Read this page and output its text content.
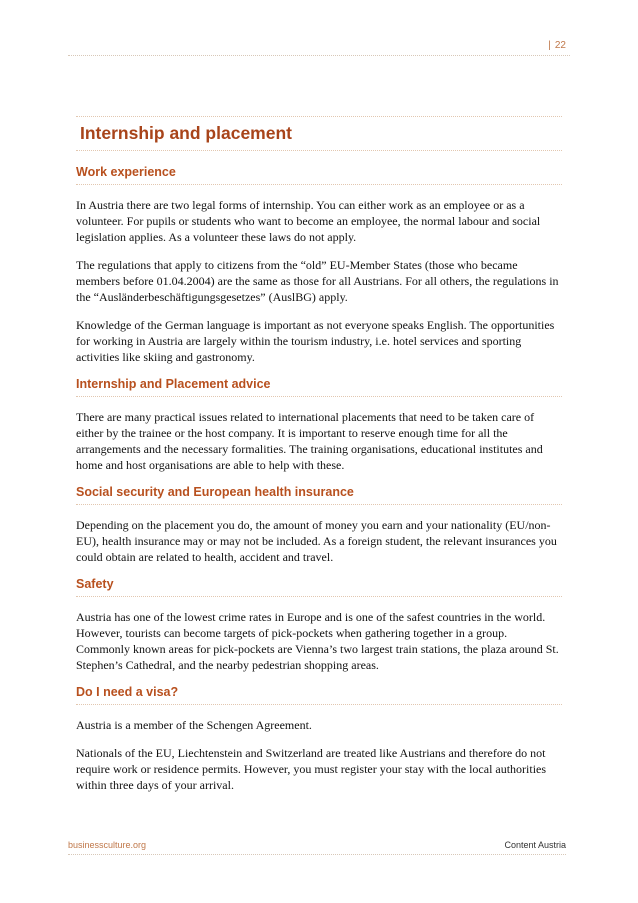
| 22
Internship and placement
Work experience

In Austria there are two legal forms of internship. You can either work as an employee or as a volunteer. For pupils or students who want to become an employee, the normal labour and social legislation applies. As a volunteer these laws do not apply.

The regulations that apply to citizens from the “old” EU-Member States (those who became members before 01.04.2004) are the same as those for all Austrians. For all others, the regulations in the “Ausländerbeschäftigungsgesetzes” (AuslBG) apply.

Knowledge of the German language is important as not everyone speaks English. The opportunities for working in Austria are largely within the tourism industry, i.e. hotel services and sporting activities like skiing and gastronomy.

Internship and Placement advice

There are many practical issues related to international placements that need to be taken care of either by the trainee or the host company. It is important to reserve enough time for all the arrangements and the necessary formalities. The training organisations, educational institutes and home and host organisations are able to help with these.

Social security and European health insurance

Depending on the placement you do, the amount of money you earn and your nationality (EU/non-EU), health insurance may or may not be included. As a foreign student, the relevant insurances you could obtain are related to health, accident and travel.

Safety

Austria has one of the lowest crime rates in Europe and is one of the safest countries in the world. However, tourists can become targets of pick-pockets when gathering together in a group. Commonly known areas for pick-pockets are Vienna’s two largest train stations, the plaza around St. Stephen’s Cathedral, and the nearby pedestrian shopping areas.

Do I need a visa?

Austria is a member of the Schengen Agreement.

Nationals of the EU, Liechtenstein and Switzerland are treated like Austrians and therefore do not require work or residence permits. However, you must register your stay with the local authorities within three days of your arrival.

businessculture.org	Content Austria
